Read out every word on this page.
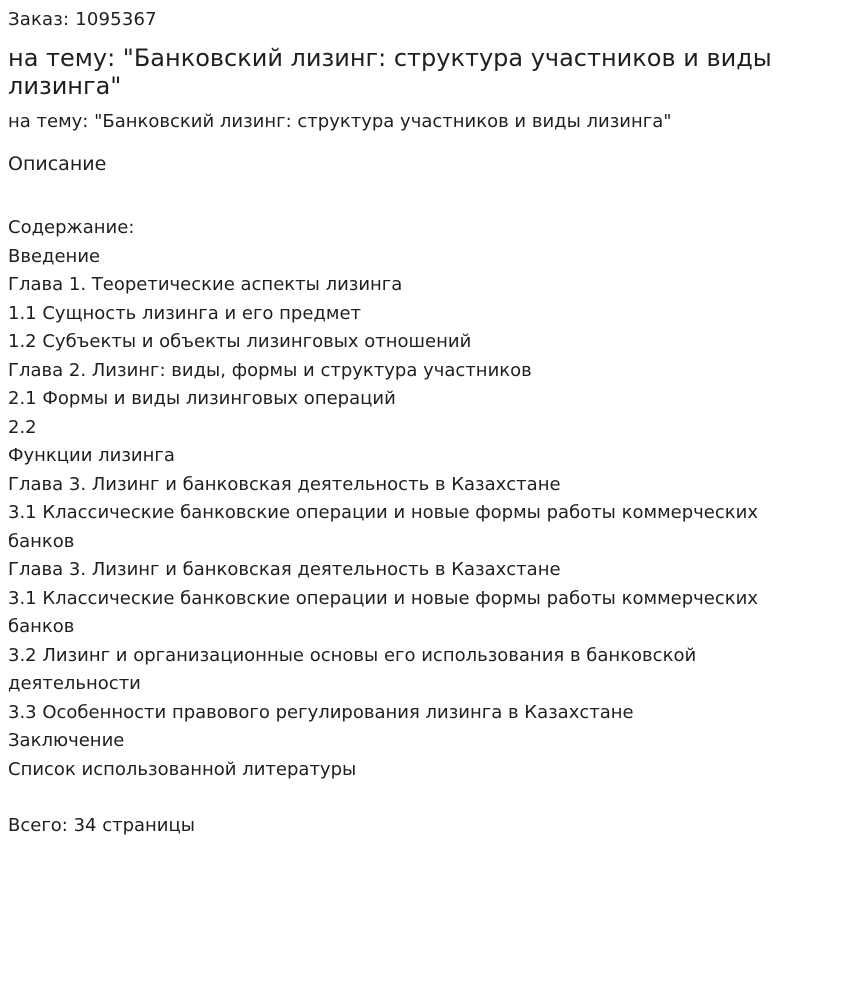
Заказ: 1095367

на тему: "Банковский лизинг: структура участников и виды лизинга"

на тему: "Банковский лизинг: структура участников и виды лизинга"

Описание

Содержание:
Введение
Глава 1. Теоретические аспекты лизинга
1.1 Сущность лизинга и его предмет
1.2 Субъекты и объекты лизинговых отношений
Глава 2. Лизинг: виды, формы и структура участников
2.1 Формы и виды лизинговых операций
2.2
Функции лизинга
Глава 3. Лизинг и банковская деятельность в Казахстане
3.1 Классические банковские операции и новые формы работы коммерческих банков
Глава 3. Лизинг и банковская деятельность в Казахстане
3.1 Классические банковские операции и новые формы работы коммерческих банков
3.2 Лизинг и организационные основы его использования в банковской деятельности
3.3 Особенности правового регулирования лизинга в Казахстане
Заключение
Список использованной литературы

Всего: 34 страницы
